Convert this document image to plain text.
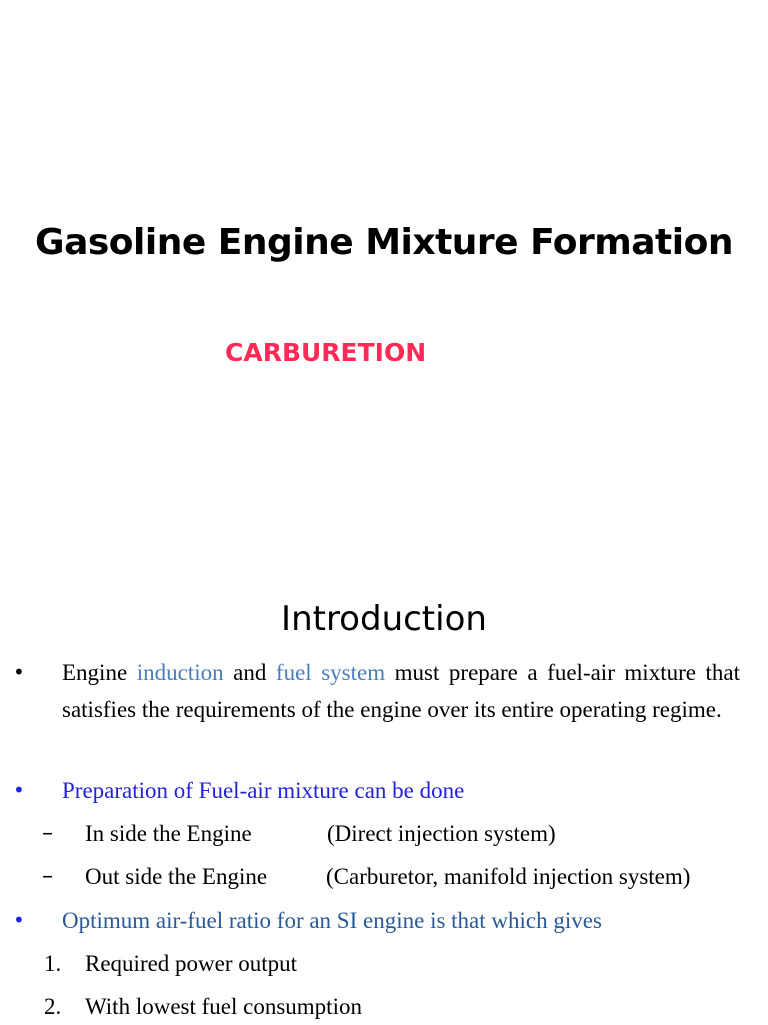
Gasoline Engine Mixture Formation
CARBURETION
Introduction
• Engine induction and fuel system must prepare a fuel-air mixture that satisfies the requirements of the engine over its entire operating regime.
• Preparation of Fuel-air mixture can be done
– In side the Engine	(Direct injection system)
– Out side the Engine	(Carburetor, manifold injection system)
• Optimum air-fuel ratio for an SI engine is that which gives
1. Required power output
2. With lowest fuel consumption
